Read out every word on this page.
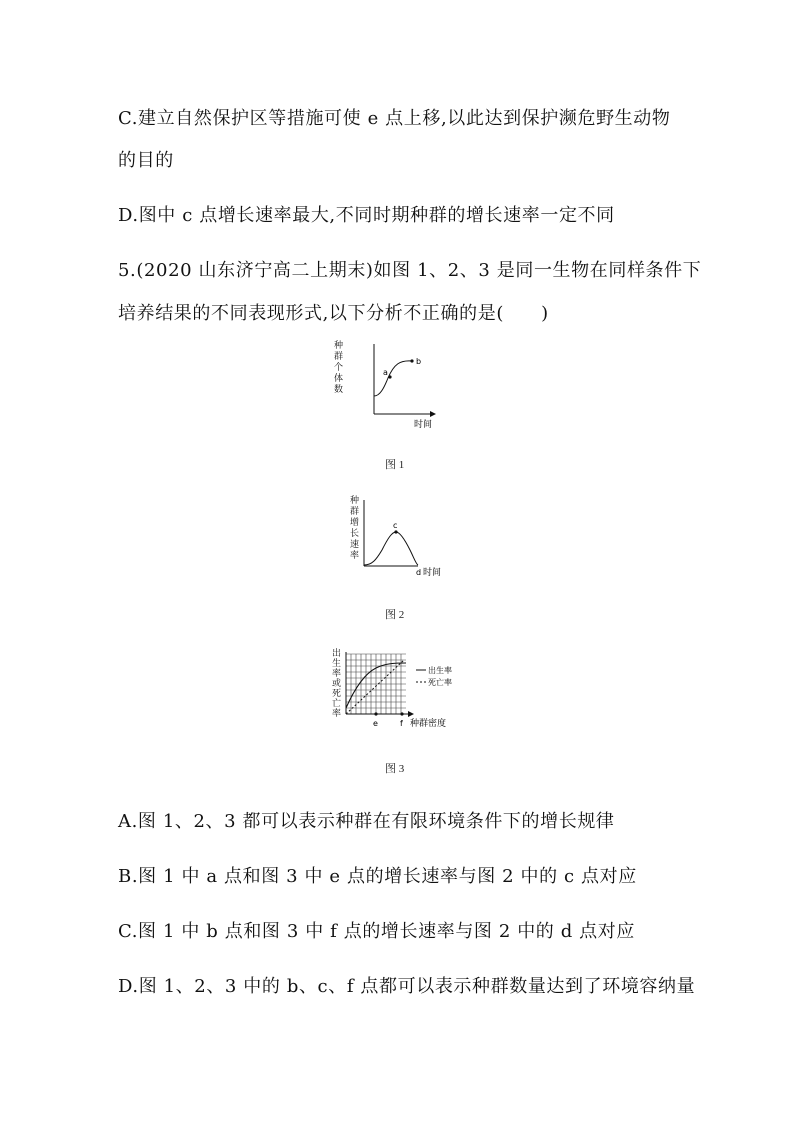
C.建立自然保护区等措施可使 e 点上移,以此达到保护濒危野生动物
的目的
D.图中 c 点增长速率最大,不同时期种群的增长速率一定不同
5.(2020 山东济宁高二上期末)如图 1、2、3 是同一生物在同样条件下
培养结果的不同表现形式,以下分析不正确的是(　　)
种
群
个
体
数
a
b
时间
图 1
种
群
增
长
速
率
c
d 时间
图 2
出
生
率
或
死
亡
率
e	f 种群密度
出生率
死亡率
图 3
A.图 1、2、3 都可以表示种群在有限环境条件下的增长规律
B.图 1 中 a 点和图 3 中 e 点的增长速率与图 2 中的 c 点对应
C.图 1 中 b 点和图 3 中 f 点的增长速率与图 2 中的 d 点对应
D.图 1、2、3 中的 b、c、f 点都可以表示种群数量达到了环境容纳量
